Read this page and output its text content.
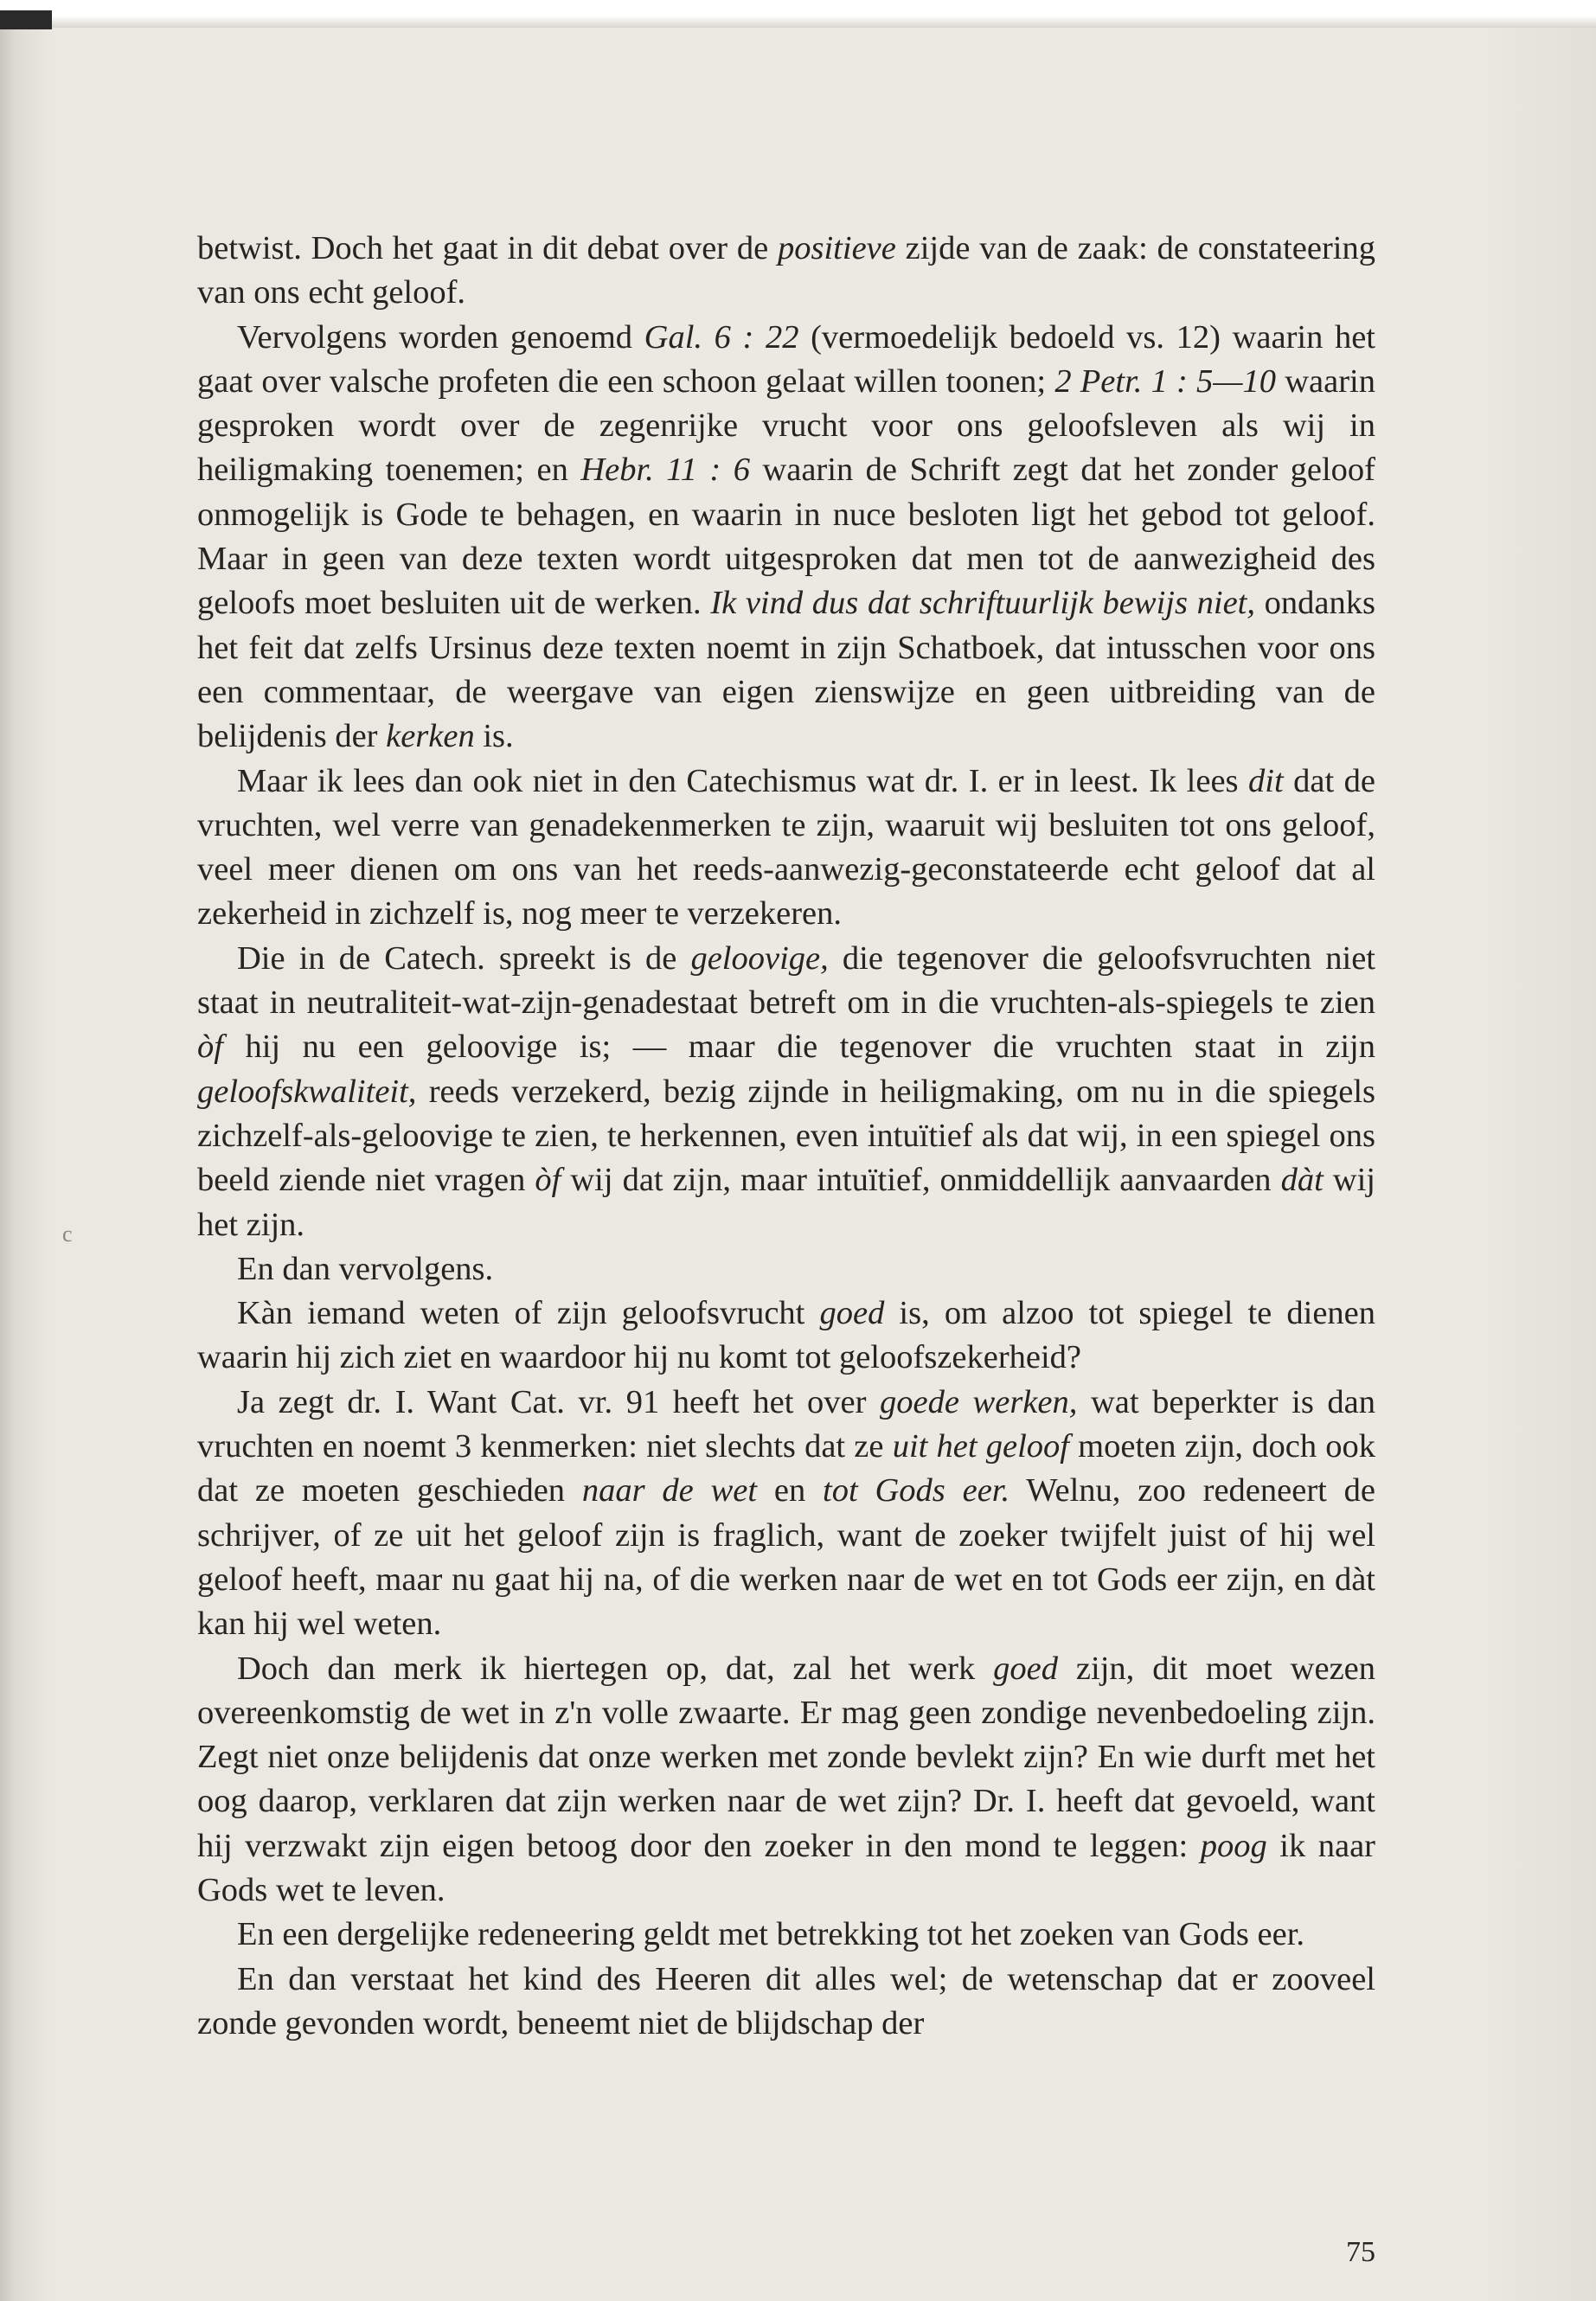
c

betwist. Doch het gaat in dit debat over de positieve zijde van de zaak: de constateering van ons echt geloof.

Vervolgens worden genoemd Gal. 6 : 22 (vermoedelijk bedoeld vs. 12) waarin het gaat over valsche profeten die een schoon gelaat willen toonen; 2 Petr. 1 : 5—10 waarin gesproken wordt over de zegenrijke vrucht voor ons geloofsleven als wij in heiligmaking toenemen; en Hebr. 11 : 6 waarin de Schrift zegt dat het zonder geloof onmogelijk is Gode te behagen, en waarin in nuce besloten ligt het gebod tot geloof. Maar in geen van deze texten wordt uitgesproken dat men tot de aanwezigheid des geloofs moet besluiten uit de werken. Ik vind dus dat schriftuurlijk bewijs niet, ondanks het feit dat zelfs Ursinus deze texten noemt in zijn Schatboek, dat intusschen voor ons een commentaar, de weergave van eigen zienswijze en geen uitbreiding van de belijdenis der kerken is.

Maar ik lees dan ook niet in den Catechismus wat dr. I. er in leest. Ik lees dit dat de vruchten, wel verre van genadekenmerken te zijn, waaruit wij besluiten tot ons geloof, veel meer dienen om ons van het reeds-aanwezig-geconstateerde echt geloof dat al zekerheid in zichzelf is, nog meer te verzekeren.

Die in de Catech. spreekt is de geloovige, die tegenover die geloofsvruchten niet staat in neutraliteit-wat-zijn-genadestaat betreft om in die vruchten-als-spiegels te zien òf hij nu een geloovige is; — maar die tegenover die vruchten staat in zijn geloofskwaliteit, reeds verzekerd, bezig zijnde in heiligmaking, om nu in die spiegels zichzelf-als-geloovige te zien, te herkennen, even intuïtief als dat wij, in een spiegel ons beeld ziende niet vragen òf wij dat zijn, maar intuïtief, onmiddellijk aanvaarden dàt wij het zijn.

En dan vervolgens.

Kàn iemand weten of zijn geloofsvrucht goed is, om alzoo tot spiegel te dienen waarin hij zich ziet en waardoor hij nu komt tot geloofszekerheid?

Ja zegt dr. I. Want Cat. vr. 91 heeft het over goede werken, wat beperkter is dan vruchten en noemt 3 kenmerken: niet slechts dat ze uit het geloof moeten zijn, doch ook dat ze moeten geschieden naar de wet en tot Gods eer. Welnu, zoo redeneert de schrijver, of ze uit het geloof zijn is fraglich, want de zoeker twijfelt juist of hij wel geloof heeft, maar nu gaat hij na, of die werken naar de wet en tot Gods eer zijn, en dàt kan hij wel weten.

Doch dan merk ik hiertegen op, dat, zal het werk goed zijn, dit moet wezen overeenkomstig de wet in z'n volle zwaarte. Er mag geen zondige nevenbedoeling zijn. Zegt niet onze belijdenis dat onze werken met zonde bevlekt zijn? En wie durft met het oog daarop, verklaren dat zijn werken naar de wet zijn? Dr. I. heeft dat gevoeld, want hij verzwakt zijn eigen betoog door den zoeker in den mond te leggen: poog ik naar Gods wet te leven.

En een dergelijke redeneering geldt met betrekking tot het zoeken van Gods eer.

En dan verstaat het kind des Heeren dit alles wel; de wetenschap dat er zooveel zonde gevonden wordt, beneemt niet de blijdschap der

75
